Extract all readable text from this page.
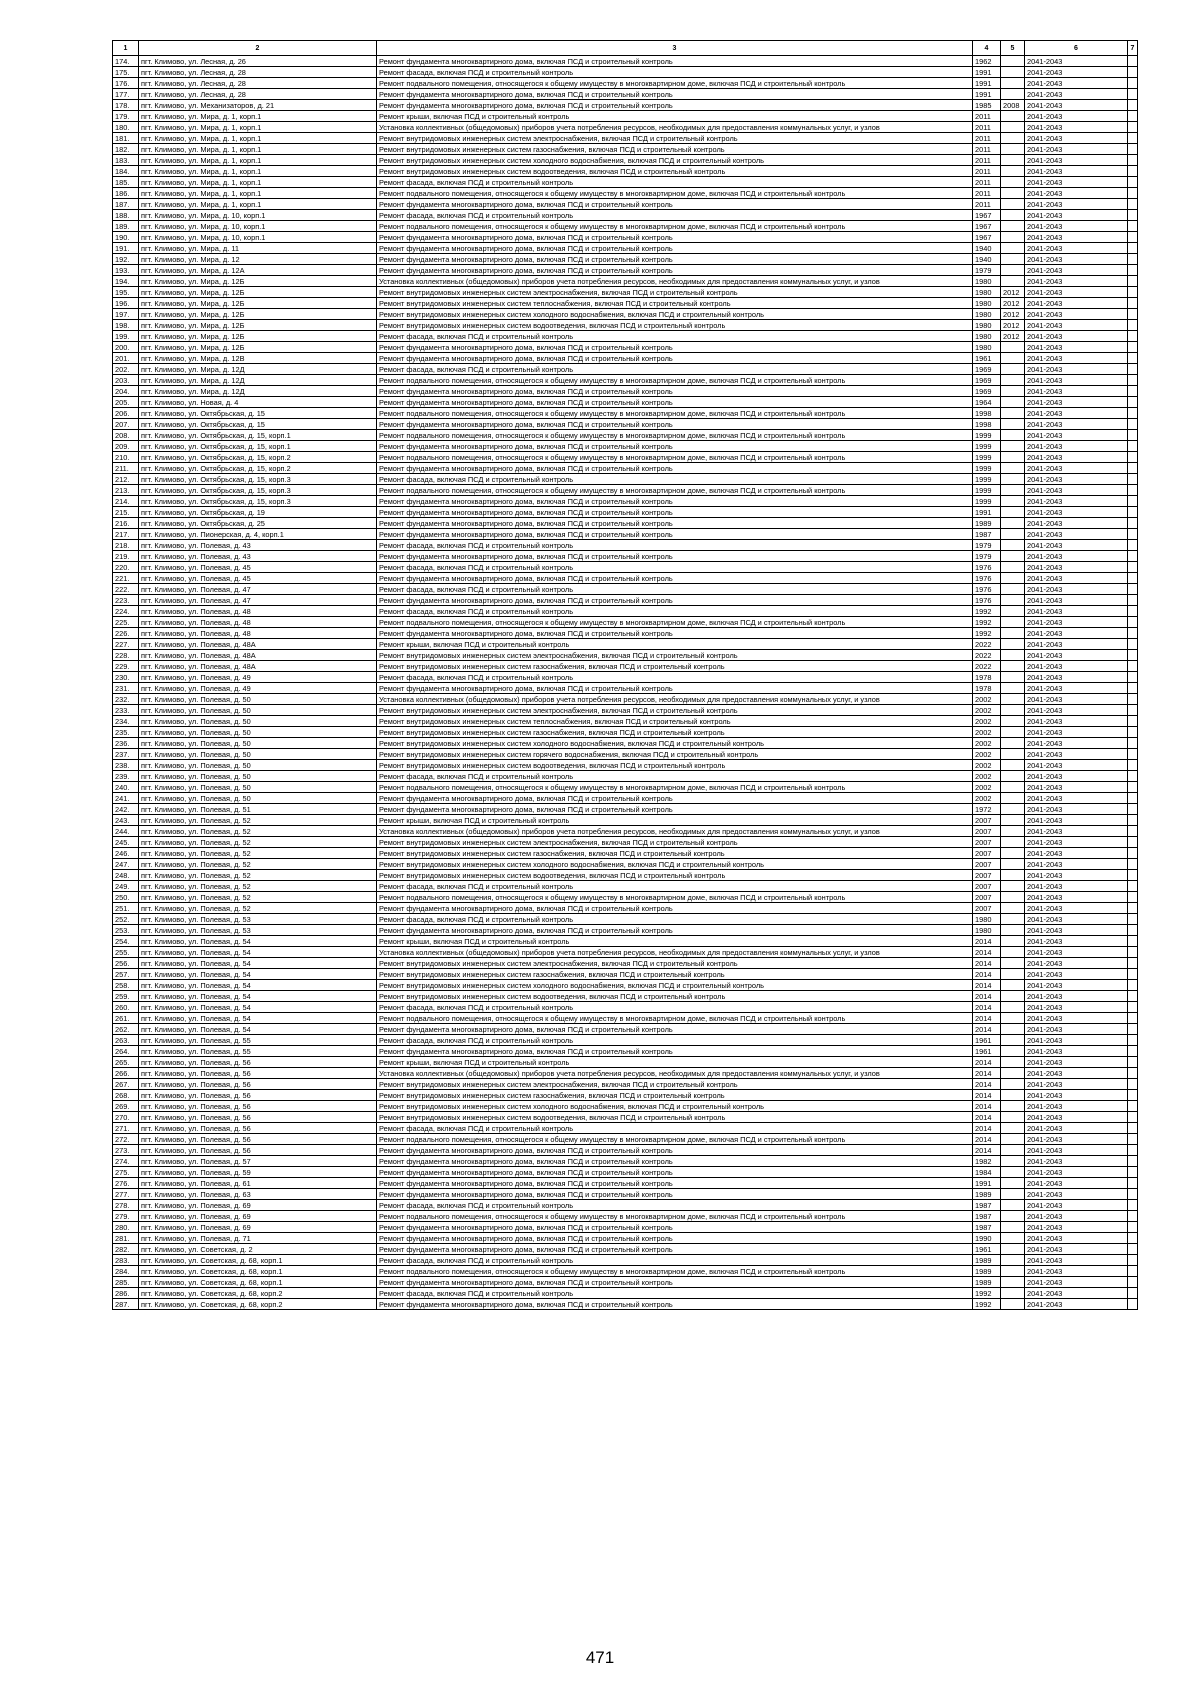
1	2	3	4	5	6	7
174.	пгт. Климово, ул. Лесная, д. 26	Ремонт фундамента многоквартирного дома, включая ПСД и строительный контроль	1962		2041-2043	
175.	пгт. Климово, ул. Лесная, д. 28	Ремонт фасада, включая ПСД и строительный контроль	1991		2041-2043	
176.	пгт. Климово, ул. Лесная, д. 28	Ремонт подвального помещения, относящегося к общему имуществу в многоквартирном доме, включая ПСД и строительный контроль	1991		2041-2043	
177.	пгт. Климово, ул. Лесная, д. 28	Ремонт фундамента многоквартирного дома, включая ПСД и строительный контроль	1991		2041-2043	
178.	пгт. Климово, ул. Механизаторов, д. 21	Ремонт фундамента многоквартирного дома, включая ПСД и строительный контроль	1985	2008	2041-2043	
179.	пгт. Климово, ул. Мира, д. 1, корп.1	Ремонт крыши, включая ПСД и строительный контроль	2011		2041-2043	
180.	пгт. Климово, ул. Мира, д. 1, корп.1	Установка коллективных (общедомовых) приборов учета потребления ресурсов, необходимых для предоставления коммунальных услуг, и узлов	2011		2041-2043	
181.	пгт. Климово, ул. Мира, д. 1, корп.1	Ремонт внутридомовых инженерных систем электроснабжения, включая ПСД и строительный контроль	2011		2041-2043	
182.	пгт. Климово, ул. Мира, д. 1, корп.1	Ремонт внутридомовых инженерных систем газоснабжения, включая ПСД и строительный контроль	2011		2041-2043	
183.	пгт. Климово, ул. Мира, д. 1, корп.1	Ремонт внутридомовых инженерных систем холодного водоснабжения, включая ПСД и строительный контроль	2011		2041-2043	
184.	пгт. Климово, ул. Мира, д. 1, корп.1	Ремонт внутридомовых инженерных систем водоотведения, включая ПСД и строительный контроль	2011		2041-2043	
185.	пгт. Климово, ул. Мира, д. 1, корп.1	Ремонт фасада, включая ПСД и строительный контроль	2011		2041-2043	
186.	пгт. Климово, ул. Мира, д. 1, корп.1	Ремонт подвального помещения, относящегося к общему имуществу в многоквартирном доме, включая ПСД и строительный контроль	2011		2041-2043	
187.	пгт. Климово, ул. Мира, д. 1, корп.1	Ремонт фундамента многоквартирного дома, включая ПСД и строительный контроль	2011		2041-2043	
188.	пгт. Климово, ул. Мира, д. 10, корп.1	Ремонт фасада, включая ПСД и строительный контроль	1967		2041-2043	
189.	пгт. Климово, ул. Мира, д. 10, корп.1	Ремонт подвального помещения, относящегося к общему имуществу в многоквартирном доме, включая ПСД и строительный контроль	1967		2041-2043	
190.	пгт. Климово, ул. Мира, д. 10, корп.1	Ремонт фундамента многоквартирного дома, включая ПСД и строительный контроль	1967		2041-2043	
191.	пгт. Климово, ул. Мира, д. 11	Ремонт фундамента многоквартирного дома, включая ПСД и строительный контроль	1940		2041-2043	
192.	пгт. Климово, ул. Мира, д. 12	Ремонт фундамента многоквартирного дома, включая ПСД и строительный контроль	1940		2041-2043	
193.	пгт. Климово, ул. Мира, д. 12А	Ремонт фундамента многоквартирного дома, включая ПСД и строительный контроль	1979		2041-2043	
194.	пгт. Климово, ул. Мира, д. 12Б	Установка коллективных (общедомовых) приборов учета потребления ресурсов, необходимых для предоставления коммунальных услуг, и узлов	1980		2041-2043	
195.	пгт. Климово, ул. Мира, д. 12Б	Ремонт внутридомовых инженерных систем электроснабжения, включая ПСД и строительный контроль	1980	2012	2041-2043	
196.	пгт. Климово, ул. Мира, д. 12Б	Ремонт внутридомовых инженерных систем теплоснабжения, включая ПСД и строительный контроль	1980	2012	2041-2043	
197.	пгт. Климово, ул. Мира, д. 12Б	Ремонт внутридомовых инженерных систем холодного водоснабжения, включая ПСД и строительный контроль	1980	2012	2041-2043	
198.	пгт. Климово, ул. Мира, д. 12Б	Ремонт внутридомовых инженерных систем водоотведения, включая ПСД и строительный контроль	1980	2012	2041-2043	
199.	пгт. Климово, ул. Мира, д. 12Б	Ремонт фасада, включая ПСД и строительный контроль	1980	2012	2041-2043	
200.	пгт. Климово, ул. Мира, д. 12Б	Ремонт фундамента многоквартирного дома, включая ПСД и строительный контроль	1980		2041-2043	
201.	пгт. Климово, ул. Мира, д. 12В	Ремонт фундамента многоквартирного дома, включая ПСД и строительный контроль	1961		2041-2043	
202.	пгт. Климово, ул. Мира, д. 12Д	Ремонт фасада, включая ПСД и строительный контроль	1969		2041-2043	
203.	пгт. Климово, ул. Мира, д. 12Д	Ремонт подвального помещения, относящегося к общему имуществу в многоквартирном доме, включая ПСД и строительный контроль	1969		2041-2043	
204.	пгт. Климово, ул. Мира, д. 12Д	Ремонт фундамента многоквартирного дома, включая ПСД и строительный контроль	1969		2041-2043	
205.	пгт. Климово, ул. Новая, д. 4	Ремонт фундамента многоквартирного дома, включая ПСД и строительный контроль	1964		2041-2043	
206.	пгт. Климово, ул. Октябрьская, д. 15	Ремонт подвального помещения, относящегося к общему имуществу в многоквартирном доме, включая ПСД и строительный контроль	1998		2041-2043	
207.	пгт. Климово, ул. Октябрьская, д. 15	Ремонт фундамента многоквартирного дома, включая ПСД и строительный контроль	1998		2041-2043	
208.	пгт. Климово, ул. Октябрьская, д. 15, корп.1	Ремонт подвального помещения, относящегося к общему имуществу в многоквартирном доме, включая ПСД и строительный контроль	1999		2041-2043	
209.	пгт. Климово, ул. Октябрьская, д. 15, корп.1	Ремонт фундамента многоквартирного дома, включая ПСД и строительный контроль	1999		2041-2043	
210.	пгт. Климово, ул. Октябрьская, д. 15, корп.2	Ремонт подвального помещения, относящегося к общему имуществу в многоквартирном доме, включая ПСД и строительный контроль	1999		2041-2043	
211.	пгт. Климово, ул. Октябрьская, д. 15, корп.2	Ремонт фундамента многоквартирного дома, включая ПСД и строительный контроль	1999		2041-2043	
212.	пгт. Климово, ул. Октябрьская, д. 15, корп.3	Ремонт фасада, включая ПСД и строительный контроль	1999		2041-2043	
213.	пгт. Климово, ул. Октябрьская, д. 15, корп.3	Ремонт подвального помещения, относящегося к общему имуществу в многоквартирном доме, включая ПСД и строительный контроль	1999		2041-2043	
214.	пгт. Климово, ул. Октябрьская, д. 15, корп.3	Ремонт фундамента многоквартирного дома, включая ПСД и строительный контроль	1999		2041-2043	
215.	пгт. Климово, ул. Октябрьская, д. 19	Ремонт фундамента многоквартирного дома, включая ПСД и строительный контроль	1991		2041-2043	
216.	пгт. Климово, ул. Октябрьская, д. 25	Ремонт фундамента многоквартирного дома, включая ПСД и строительный контроль	1989		2041-2043	
217.	пгт. Климово, ул. Пионерская, д. 4, корп.1	Ремонт фундамента многоквартирного дома, включая ПСД и строительный контроль	1987		2041-2043	
218.	пгт. Климово, ул. Полевая, д. 43	Ремонт фасада, включая ПСД и строительный контроль	1979		2041-2043	
219.	пгт. Климово, ул. Полевая, д. 43	Ремонт фундамента многоквартирного дома, включая ПСД и строительный контроль	1979		2041-2043	
220.	пгт. Климово, ул. Полевая, д. 45	Ремонт фасада, включая ПСД и строительный контроль	1976		2041-2043	
221.	пгт. Климово, ул. Полевая, д. 45	Ремонт фундамента многоквартирного дома, включая ПСД и строительный контроль	1976		2041-2043	
222.	пгт. Климово, ул. Полевая, д. 47	Ремонт фасада, включая ПСД и строительный контроль	1976		2041-2043	
223.	пгт. Климово, ул. Полевая, д. 47	Ремонт фундамента многоквартирного дома, включая ПСД и строительный контроль	1976		2041-2043	
224.	пгт. Климово, ул. Полевая, д. 48	Ремонт фасада, включая ПСД и строительный контроль	1992		2041-2043	
225.	пгт. Климово, ул. Полевая, д. 48	Ремонт подвального помещения, относящегося к общему имуществу в многоквартирном доме, включая ПСД и строительный контроль	1992		2041-2043	
226.	пгт. Климово, ул. Полевая, д. 48	Ремонт фундамента многоквартирного дома, включая ПСД и строительный контроль	1992		2041-2043	
227.	пгт. Климово, ул. Полевая, д. 48А	Ремонт крыши, включая ПСД и строительный контроль	2022		2041-2043	
228.	пгт. Климово, ул. Полевая, д. 48А	Ремонт внутридомовых инженерных систем электроснабжения, включая ПСД и строительный контроль	2022		2041-2043	
229.	пгт. Климово, ул. Полевая, д. 48А	Ремонт внутридомовых инженерных систем газоснабжения, включая ПСД и строительный контроль	2022		2041-2043	
230.	пгт. Климово, ул. Полевая, д. 49	Ремонт фасада, включая ПСД и строительный контроль	1978		2041-2043	
231.	пгт. Климово, ул. Полевая, д. 49	Ремонт фундамента многоквартирного дома, включая ПСД и строительный контроль	1978		2041-2043	
232.	пгт. Климово, ул. Полевая, д. 50	Установка коллективных (общедомовых) приборов учета потребления ресурсов, необходимых для предоставления коммунальных услуг, и узлов	2002		2041-2043	
233.	пгт. Климово, ул. Полевая, д. 50	Ремонт внутридомовых инженерных систем электроснабжения, включая ПСД и строительный контроль	2002		2041-2043	
234.	пгт. Климово, ул. Полевая, д. 50	Ремонт внутридомовых инженерных систем теплоснабжения, включая ПСД и строительный контроль	2002		2041-2043	
235.	пгт. Климово, ул. Полевая, д. 50	Ремонт внутридомовых инженерных систем газоснабжения, включая ПСД и строительный контроль	2002		2041-2043	
236.	пгт. Климово, ул. Полевая, д. 50	Ремонт внутридомовых инженерных систем холодного водоснабжения, включая ПСД и строительный контроль	2002		2041-2043	
237.	пгт. Климово, ул. Полевая, д. 50	Ремонт внутридомовых инженерных систем горячего водоснабжения, включая ПСД и строительный контроль	2002		2041-2043	
238.	пгт. Климово, ул. Полевая, д. 50	Ремонт внутридомовых инженерных систем водоотведения, включая ПСД и строительный контроль	2002		2041-2043	
239.	пгт. Климово, ул. Полевая, д. 50	Ремонт фасада, включая ПСД и строительный контроль	2002		2041-2043	
240.	пгт. Климово, ул. Полевая, д. 50	Ремонт подвального помещения, относящегося к общему имуществу в многоквартирном доме, включая ПСД и строительный контроль	2002		2041-2043	
241.	пгт. Климово, ул. Полевая, д. 50	Ремонт фундамента многоквартирного дома, включая ПСД и строительный контроль	2002		2041-2043	
242.	пгт. Климово, ул. Полевая, д. 51	Ремонт фундамента многоквартирного дома, включая ПСД и строительный контроль	1972		2041-2043	
243.	пгт. Климово, ул. Полевая, д. 52	Ремонт крыши, включая ПСД и строительный контроль	2007		2041-2043	
244.	пгт. Климово, ул. Полевая, д. 52	Установка коллективных (общедомовых) приборов учета потребления ресурсов, необходимых для предоставления коммунальных услуг, и узлов	2007		2041-2043	
245.	пгт. Климово, ул. Полевая, д. 52	Ремонт внутридомовых инженерных систем электроснабжения, включая ПСД и строительный контроль	2007		2041-2043	
246.	пгт. Климово, ул. Полевая, д. 52	Ремонт внутридомовых инженерных систем газоснабжения, включая ПСД и строительный контроль	2007		2041-2043	
247.	пгт. Климово, ул. Полевая, д. 52	Ремонт внутридомовых инженерных систем холодного водоснабжения, включая ПСД и строительный контроль	2007		2041-2043	
248.	пгт. Климово, ул. Полевая, д. 52	Ремонт внутридомовых инженерных систем водоотведения, включая ПСД и строительный контроль	2007		2041-2043	
249.	пгт. Климово, ул. Полевая, д. 52	Ремонт фасада, включая ПСД и строительный контроль	2007		2041-2043	
250.	пгт. Климово, ул. Полевая, д. 52	Ремонт подвального помещения, относящегося к общему имуществу в многоквартирном доме, включая ПСД и строительный контроль	2007		2041-2043	
251.	пгт. Климово, ул. Полевая, д. 52	Ремонт фундамента многоквартирного дома, включая ПСД и строительный контроль	2007		2041-2043	
252.	пгт. Климово, ул. Полевая, д. 53	Ремонт фасада, включая ПСД и строительный контроль	1980		2041-2043	
253.	пгт. Климово, ул. Полевая, д. 53	Ремонт фундамента многоквартирного дома, включая ПСД и строительный контроль	1980		2041-2043	
254.	пгт. Климово, ул. Полевая, д. 54	Ремонт крыши, включая ПСД и строительный контроль	2014		2041-2043	
255.	пгт. Климово, ул. Полевая, д. 54	Установка коллективных (общедомовых) приборов учета потребления ресурсов, необходимых для предоставления коммунальных услуг, и узлов	2014		2041-2043	
256.	пгт. Климово, ул. Полевая, д. 54	Ремонт внутридомовых инженерных систем электроснабжения, включая ПСД и строительный контроль	2014		2041-2043	
257.	пгт. Климово, ул. Полевая, д. 54	Ремонт внутридомовых инженерных систем газоснабжения, включая ПСД и строительный контроль	2014		2041-2043	
258.	пгт. Климово, ул. Полевая, д. 54	Ремонт внутридомовых инженерных систем холодного водоснабжения, включая ПСД и строительный контроль	2014		2041-2043	
259.	пгт. Климово, ул. Полевая, д. 54	Ремонт внутридомовых инженерных систем водоотведения, включая ПСД и строительный контроль	2014		2041-2043	
260.	пгт. Климово, ул. Полевая, д. 54	Ремонт фасада, включая ПСД и строительный контроль	2014		2041-2043	
261.	пгт. Климово, ул. Полевая, д. 54	Ремонт подвального помещения, относящегося к общему имуществу в многоквартирном доме, включая ПСД и строительный контроль	2014		2041-2043	
262.	пгт. Климово, ул. Полевая, д. 54	Ремонт фундамента многоквартирного дома, включая ПСД и строительный контроль	2014		2041-2043	
263.	пгт. Климово, ул. Полевая, д. 55	Ремонт фасада, включая ПСД и строительный контроль	1961		2041-2043	
264.	пгт. Климово, ул. Полевая, д. 55	Ремонт фундамента многоквартирного дома, включая ПСД и строительный контроль	1961		2041-2043	
265.	пгт. Климово, ул. Полевая, д. 56	Ремонт крыши, включая ПСД и строительный контроль	2014		2041-2043	
266.	пгт. Климово, ул. Полевая, д. 56	Установка коллективных (общедомовых) приборов учета потребления ресурсов, необходимых для предоставления коммунальных услуг, и узлов	2014		2041-2043	
267.	пгт. Климово, ул. Полевая, д. 56	Ремонт внутридомовых инженерных систем электроснабжения, включая ПСД и строительный контроль	2014		2041-2043	
268.	пгт. Климово, ул. Полевая, д. 56	Ремонт внутридомовых инженерных систем газоснабжения, включая ПСД и строительный контроль	2014		2041-2043	
269.	пгт. Климово, ул. Полевая, д. 56	Ремонт внутридомовых инженерных систем холодного водоснабжения, включая ПСД и строительный контроль	2014		2041-2043	
270.	пгт. Климово, ул. Полевая, д. 56	Ремонт внутридомовых инженерных систем водоотведения, включая ПСД и строительный контроль	2014		2041-2043	
271.	пгт. Климово, ул. Полевая, д. 56	Ремонт фасада, включая ПСД и строительный контроль	2014		2041-2043	
272.	пгт. Климово, ул. Полевая, д. 56	Ремонт подвального помещения, относящегося к общему имуществу в многоквартирном доме, включая ПСД и строительный контроль	2014		2041-2043	
273.	пгт. Климово, ул. Полевая, д. 56	Ремонт фундамента многоквартирного дома, включая ПСД и строительный контроль	2014		2041-2043	
274.	пгт. Климово, ул. Полевая, д. 57	Ремонт фундамента многоквартирного дома, включая ПСД и строительный контроль	1982		2041-2043	
275.	пгт. Климово, ул. Полевая, д. 59	Ремонт фундамента многоквартирного дома, включая ПСД и строительный контроль	1984		2041-2043	
276.	пгт. Климово, ул. Полевая, д. 61	Ремонт фундамента многоквартирного дома, включая ПСД и строительный контроль	1991		2041-2043	
277.	пгт. Климово, ул. Полевая, д. 63	Ремонт фундамента многоквартирного дома, включая ПСД и строительный контроль	1989		2041-2043	
278.	пгт. Климово, ул. Полевая, д. 69	Ремонт фасада, включая ПСД и строительный контроль	1987		2041-2043	
279.	пгт. Климово, ул. Полевая, д. 69	Ремонт подвального помещения, относящегося к общему имуществу в многоквартирном доме, включая ПСД и строительный контроль	1987		2041-2043	
280.	пгт. Климово, ул. Полевая, д. 69	Ремонт фундамента многоквартирного дома, включая ПСД и строительный контроль	1987		2041-2043	
281.	пгт. Климово, ул. Полевая, д. 71	Ремонт фундамента многоквартирного дома, включая ПСД и строительный контроль	1990		2041-2043	
282.	пгт. Климово, ул. Советская, д. 2	Ремонт фундамента многоквартирного дома, включая ПСД и строительный контроль	1961		2041-2043	
283.	пгт. Климово, ул. Советская, д. 68, корп.1	Ремонт фасада, включая ПСД и строительный контроль	1989		2041-2043	
284.	пгт. Климово, ул. Советская, д. 68, корп.1	Ремонт подвального помещения, относящегося к общему имуществу в многоквартирном доме, включая ПСД и строительный контроль	1989		2041-2043	
285.	пгт. Климово, ул. Советская, д. 68, корп.1	Ремонт фундамента многоквартирного дома, включая ПСД и строительный контроль	1989		2041-2043	
286.	пгт. Климово, ул. Советская, д. 68, корп.2	Ремонт фасада, включая ПСД и строительный контроль	1992		2041-2043	
287.	пгт. Климово, ул. Советская, д. 68, корп.2	Ремонт фундамента многоквартирного дома, включая ПСД и строительный контроль	1992		2041-2043	
471
